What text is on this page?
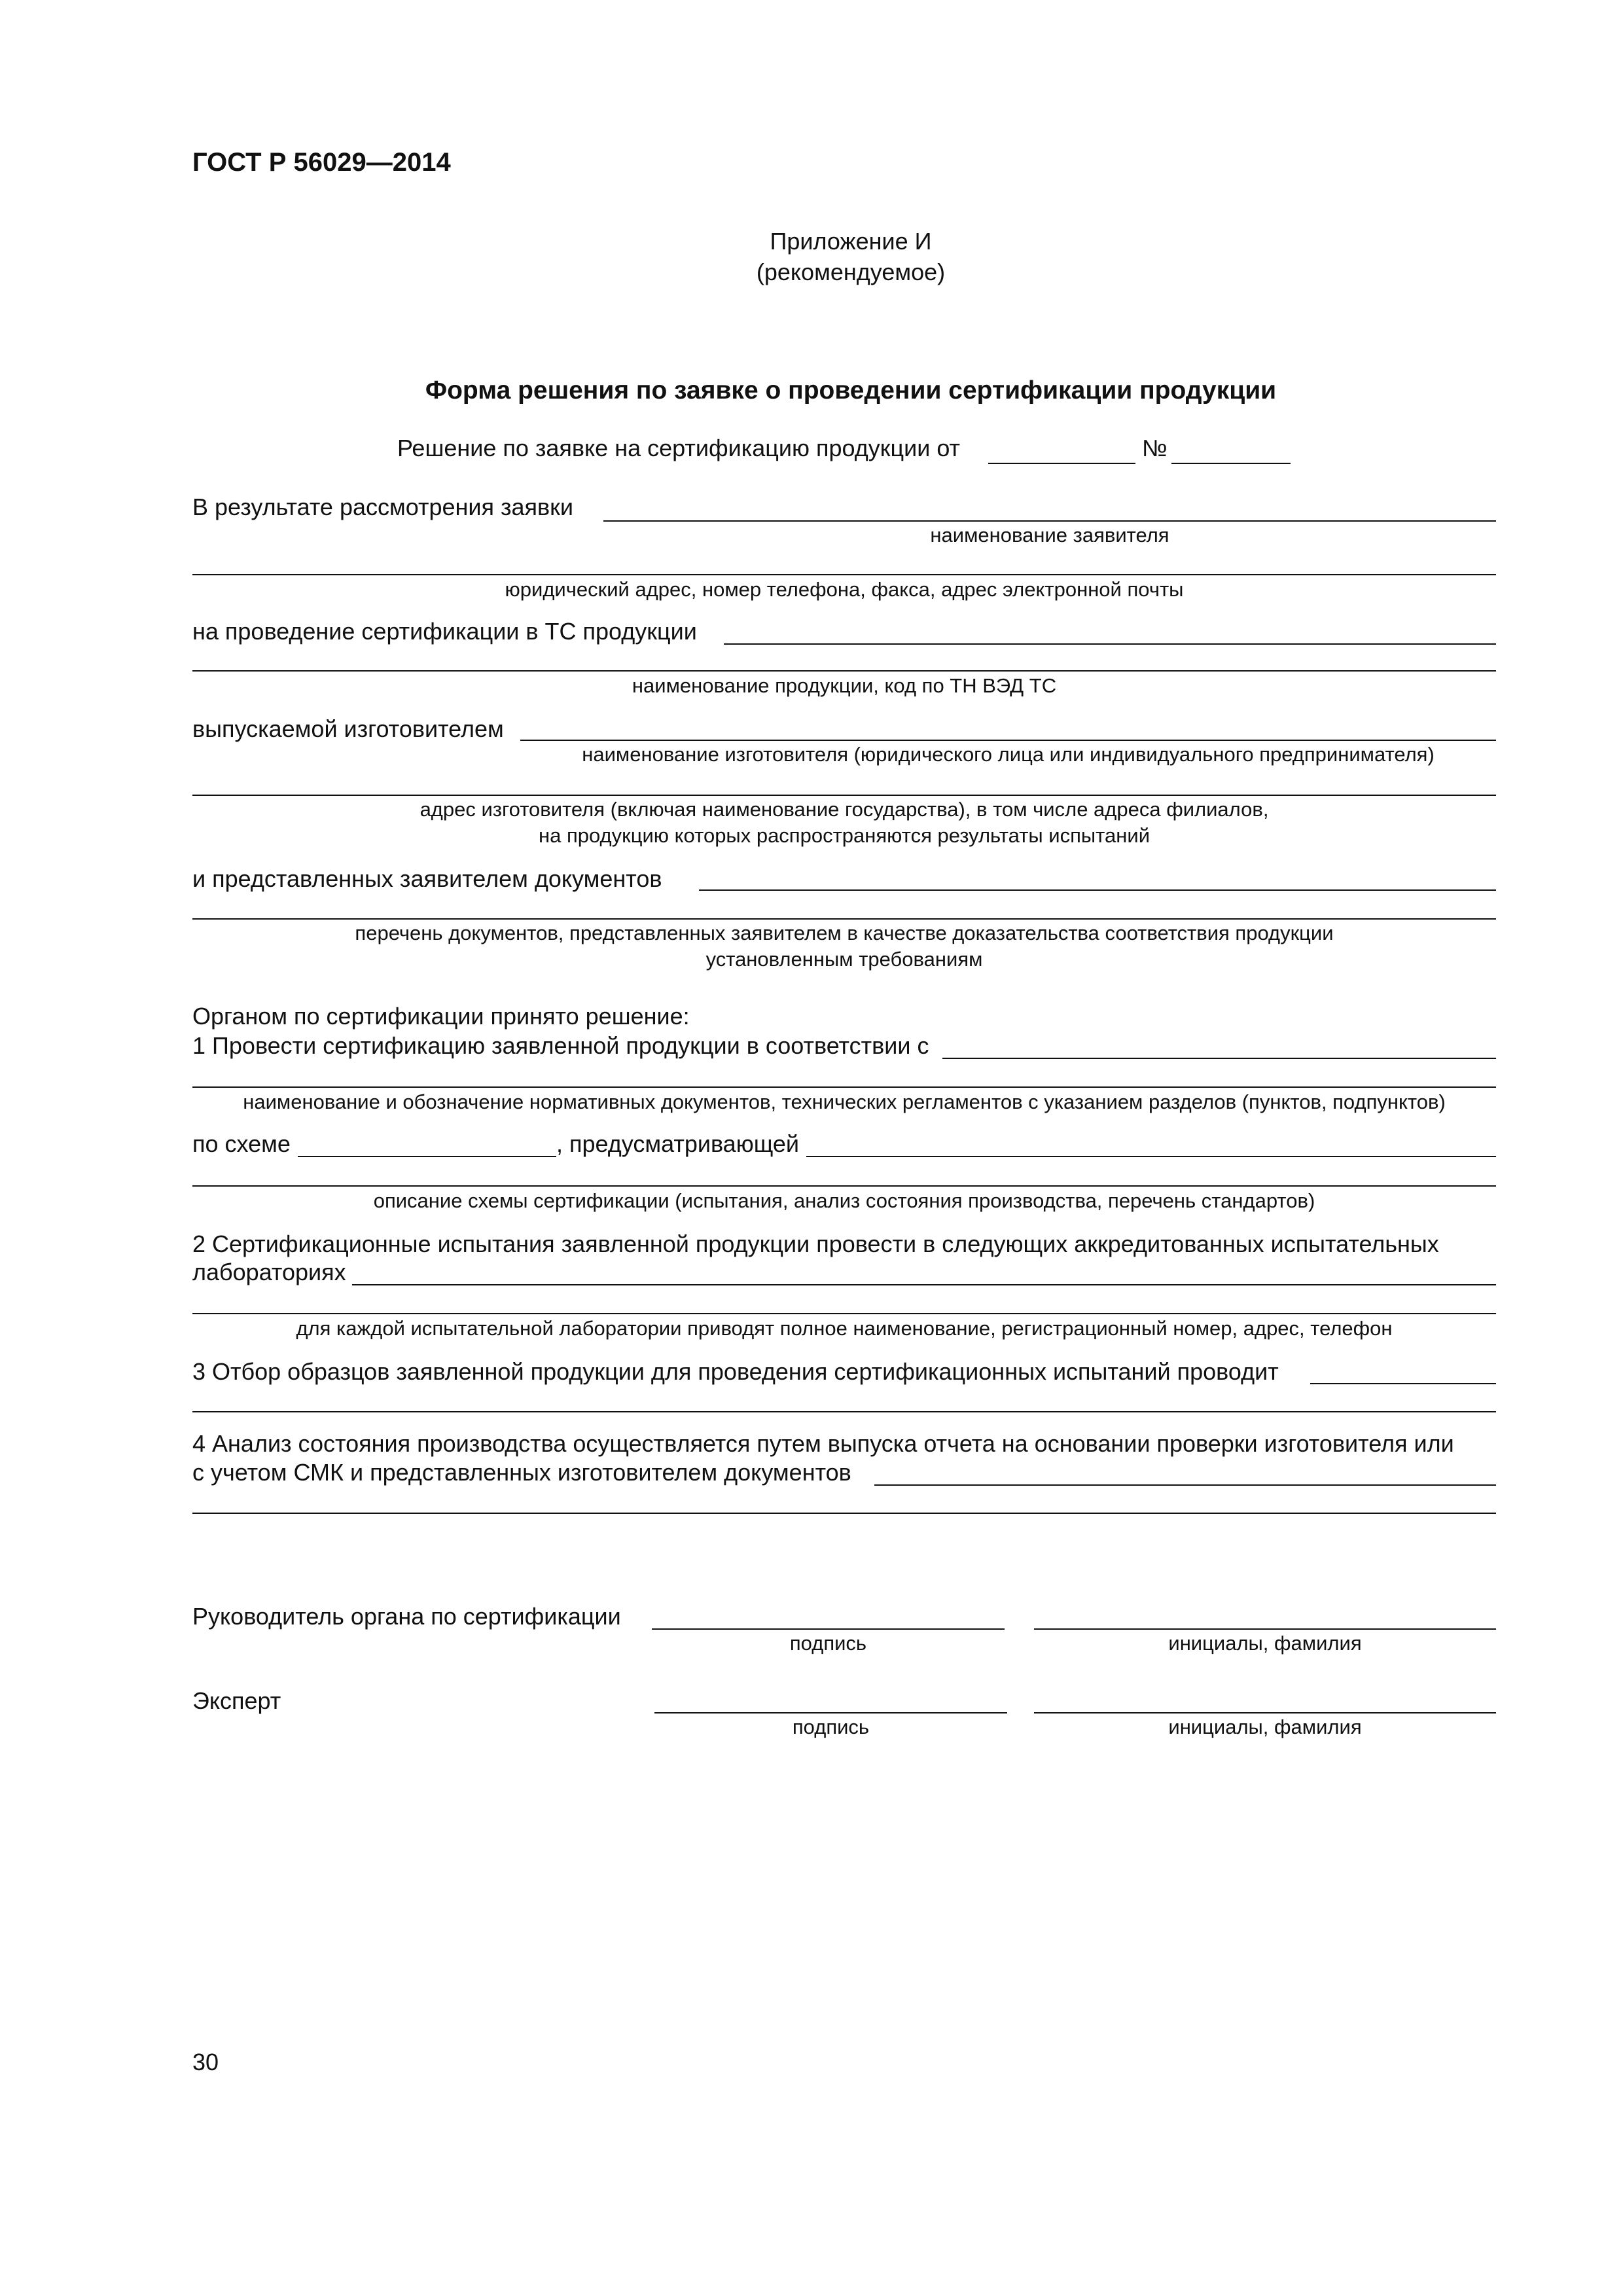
ГОСТ Р 56029—2014
Приложение И
(рекомендуемое)
Форма решения по заявке о проведении сертификации продукции
Решение по заявке на сертификацию продукции от	№
В результате рассмотрения заявки
наименование заявителя
юридический адрес, номер телефона, факса, адрес электронной почты
на проведение сертификации в ТС продукции
наименование продукции, код по ТН ВЭД ТС
выпускаемой изготовителем
наименование изготовителя (юридического лица или индивидуального предпринимателя)
адрес изготовителя (включая наименование государства), в том числе адреса филиалов,
на продукцию которых распространяются результаты испытаний
и представленных заявителем документов
перечень документов, представленных заявителем в качестве доказательства соответствия продукции
установленным требованиям
Органом по сертификации принято решение:
1 Провести сертификацию заявленной продукции в соответствии с
наименование и обозначение нормативных документов, технических регламентов с указанием разделов (пунктов, подпунктов)
по схеме	, предусматривающей
описание схемы сертификации (испытания, анализ состояния производства, перечень стандартов)
2 Сертификационные испытания заявленной продукции провести в следующих аккредитованных испытательных
лабораториях
для каждой испытательной лаборатории приводят полное наименование, регистрационный номер, адрес, телефон
3 Отбор образцов заявленной продукции для проведения сертификационных испытаний проводит
4 Анализ состояния производства осуществляется путем выпуска отчета на основании проверки изготовителя или
с учетом СМК и представленных изготовителем документов
Руководитель органа по сертификации
подпись	инициалы, фамилия
Эксперт
подпись	инициалы, фамилия
30
